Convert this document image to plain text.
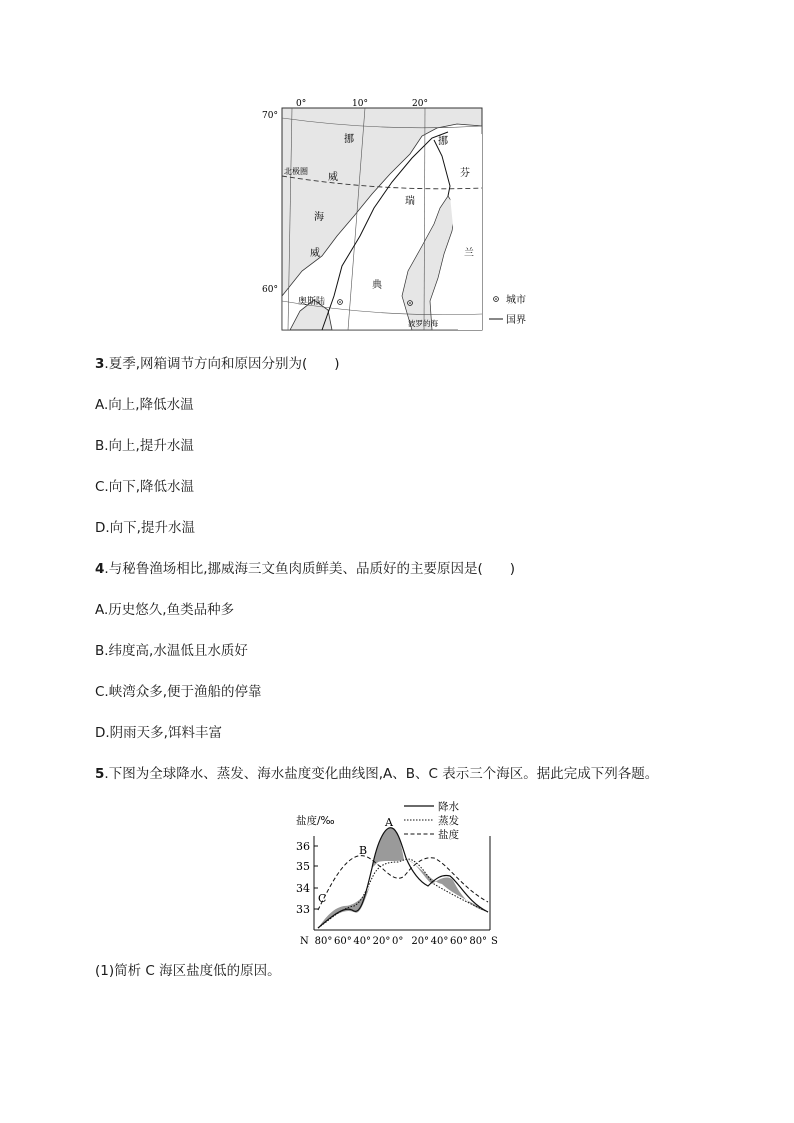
0°	10°	20°
70°
60°
北极圈
挪
威
海
威
瑞
典
挪
芬
兰
奥斯陆
波罗的海
城市
国界
3.夏季,网箱调节方向和原因分别为(　　)
A.向上,降低水温
B.向上,提升水温
C.向下,降低水温
D.向下,提升水温
4.与秘鲁渔场相比,挪威海三文鱼肉质鲜美、品质好的主要原因是(　　)
A.历史悠久,鱼类品种多
B.纬度高,水温低且水质好
C.峡湾众多,便于渔船的停靠
D.阴雨天多,饵料丰富
5.下图为全球降水、蒸发、海水盐度变化曲线图,A、B、C 表示三个海区。据此完成下列各题。
36
35
34
33
盐度/‰	A
B
C
降水
蒸发
盐度
N 80° 60° 40° 20° 0° 20° 40° 60° 80° S
(1)简析 C 海区盐度低的原因。
